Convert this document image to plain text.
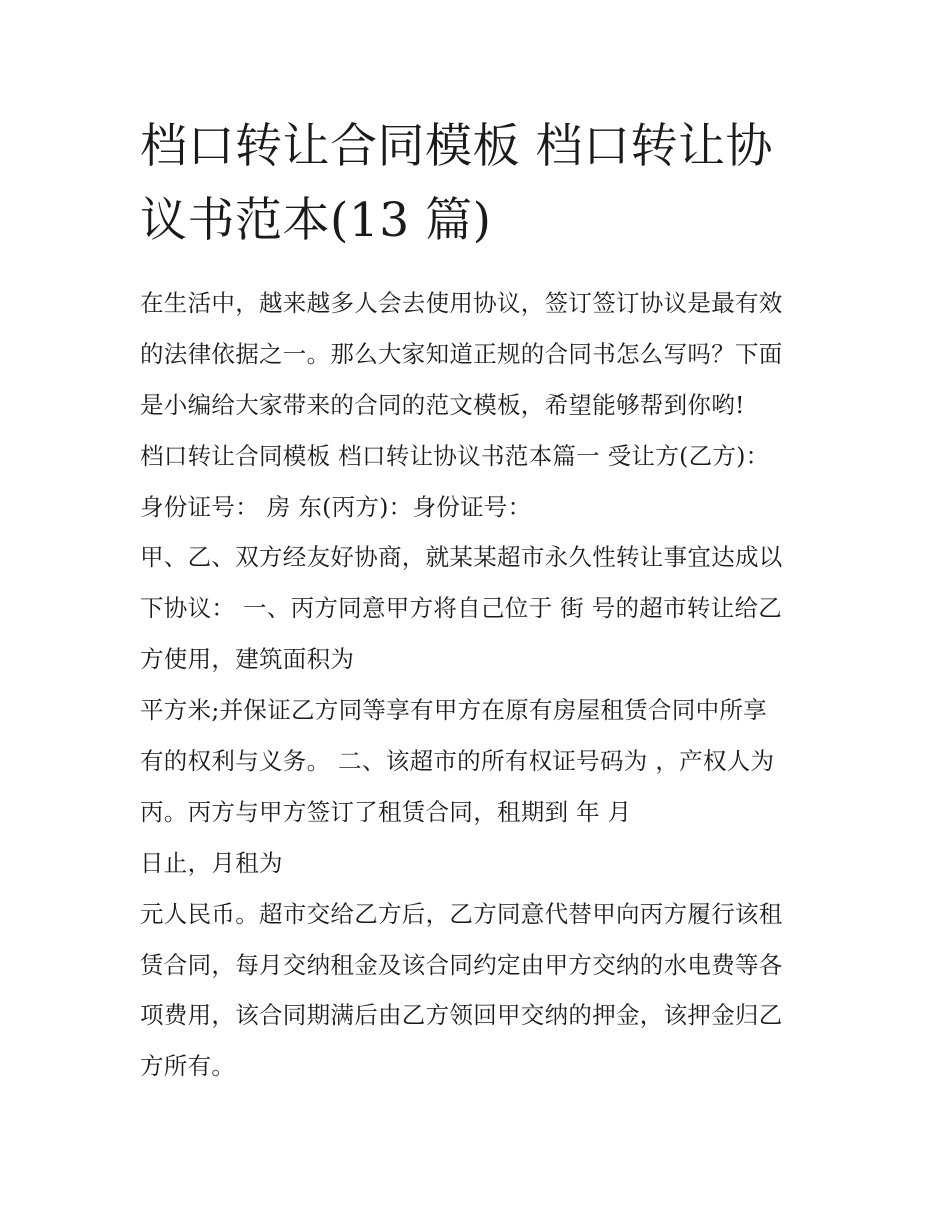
档口转让合同模板 档口转让协
议书范本(13 篇)
在生活中，越来越多人会去使用协议，签订签订协议是最有效
的法律依据之一。那么大家知道正规的合同书怎么写吗？下面
是小编给大家带来的合同的范文模板，希望能够帮到你哟!
档口转让合同模板 档口转让协议书范本篇一 受让方(乙方)：
身份证号： 房 东(丙方)：身份证号：
甲、乙、双方经友好协商，就某某超市永久性转让事宜达成以
下协议： 一、丙方同意甲方将自己位于 街 号的超市转让给乙
方使用，建筑面积为
平方米;并保证乙方同等享有甲方在原有房屋租赁合同中所享
有的权利与义务。 二、该超市的所有权证号码为 ，产权人为
丙。丙方与甲方签订了租赁合同，租期到 年 月
日止，月租为
元人民币。超市交给乙方后，乙方同意代替甲向丙方履行该租
赁合同，每月交纳租金及该合同约定由甲方交纳的水电费等各
项费用，该合同期满后由乙方领回甲交纳的押金，该押金归乙
方所有。
